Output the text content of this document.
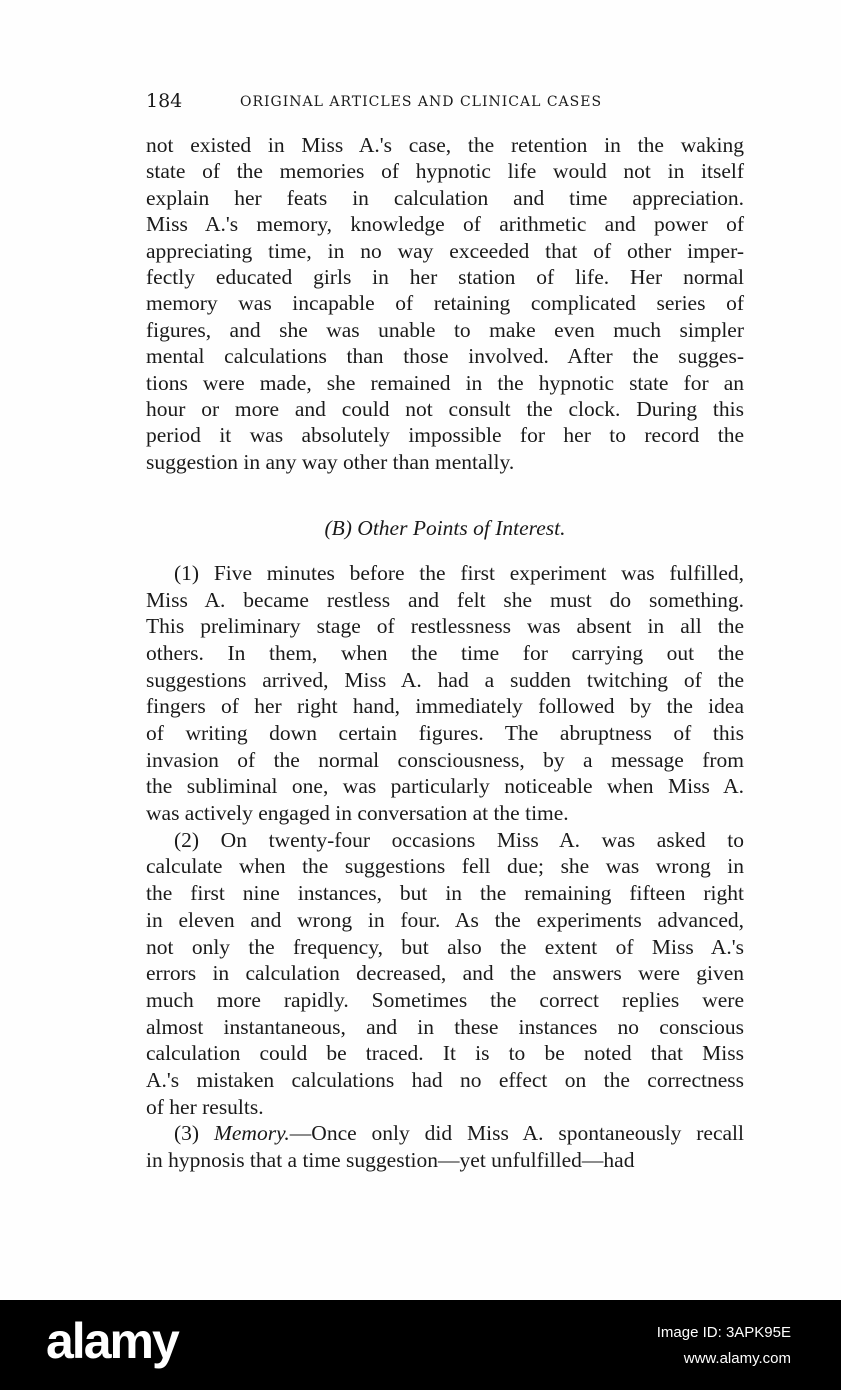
184	ORIGINAL ARTICLES AND CLINICAL CASES
not existed in Miss A.'s case, the retention in the waking
state of the memories of hypnotic life would not in itself
explain her feats in calculation and time appreciation.
Miss A.'s memory, knowledge of arithmetic and power of
appreciating time, in no way exceeded that of other imper-
fectly educated girls in her station of life. Her normal
memory was incapable of retaining complicated series of
figures, and she was unable to make even much simpler
mental calculations than those involved. After the sugges-
tions were made, she remained in the hypnotic state for an
hour or more and could not consult the clock. During this
period it was absolutely impossible for her to record the
suggestion in any way other than mentally.
(B) Other Points of Interest.
(1) Five minutes before the first experiment was fulfilled,
Miss A. became restless and felt she must do something.
This preliminary stage of restlessness was absent in all the
others. In them, when the time for carrying out the
suggestions arrived, Miss A. had a sudden twitching of the
fingers of her right hand, immediately followed by the idea
of writing down certain figures. The abruptness of this
invasion of the normal consciousness, by a message from
the subliminal one, was particularly noticeable when Miss A.
was actively engaged in conversation at the time.
(2) On twenty-four occasions Miss A. was asked to
calculate when the suggestions fell due; she was wrong in
the first nine instances, but in the remaining fifteen right
in eleven and wrong in four. As the experiments advanced,
not only the frequency, but also the extent of Miss A.'s
errors in calculation decreased, and the answers were given
much more rapidly. Sometimes the correct replies were
almost instantaneous, and in these instances no conscious
calculation could be traced. It is to be noted that Miss
A.'s mistaken calculations had no effect on the correctness
of her results.
(3) Memory.—Once only did Miss A. spontaneously recall
in hypnosis that a time suggestion—yet unfulfilled—had
alamy	Image ID: 3APK95E
www.alamy.com
